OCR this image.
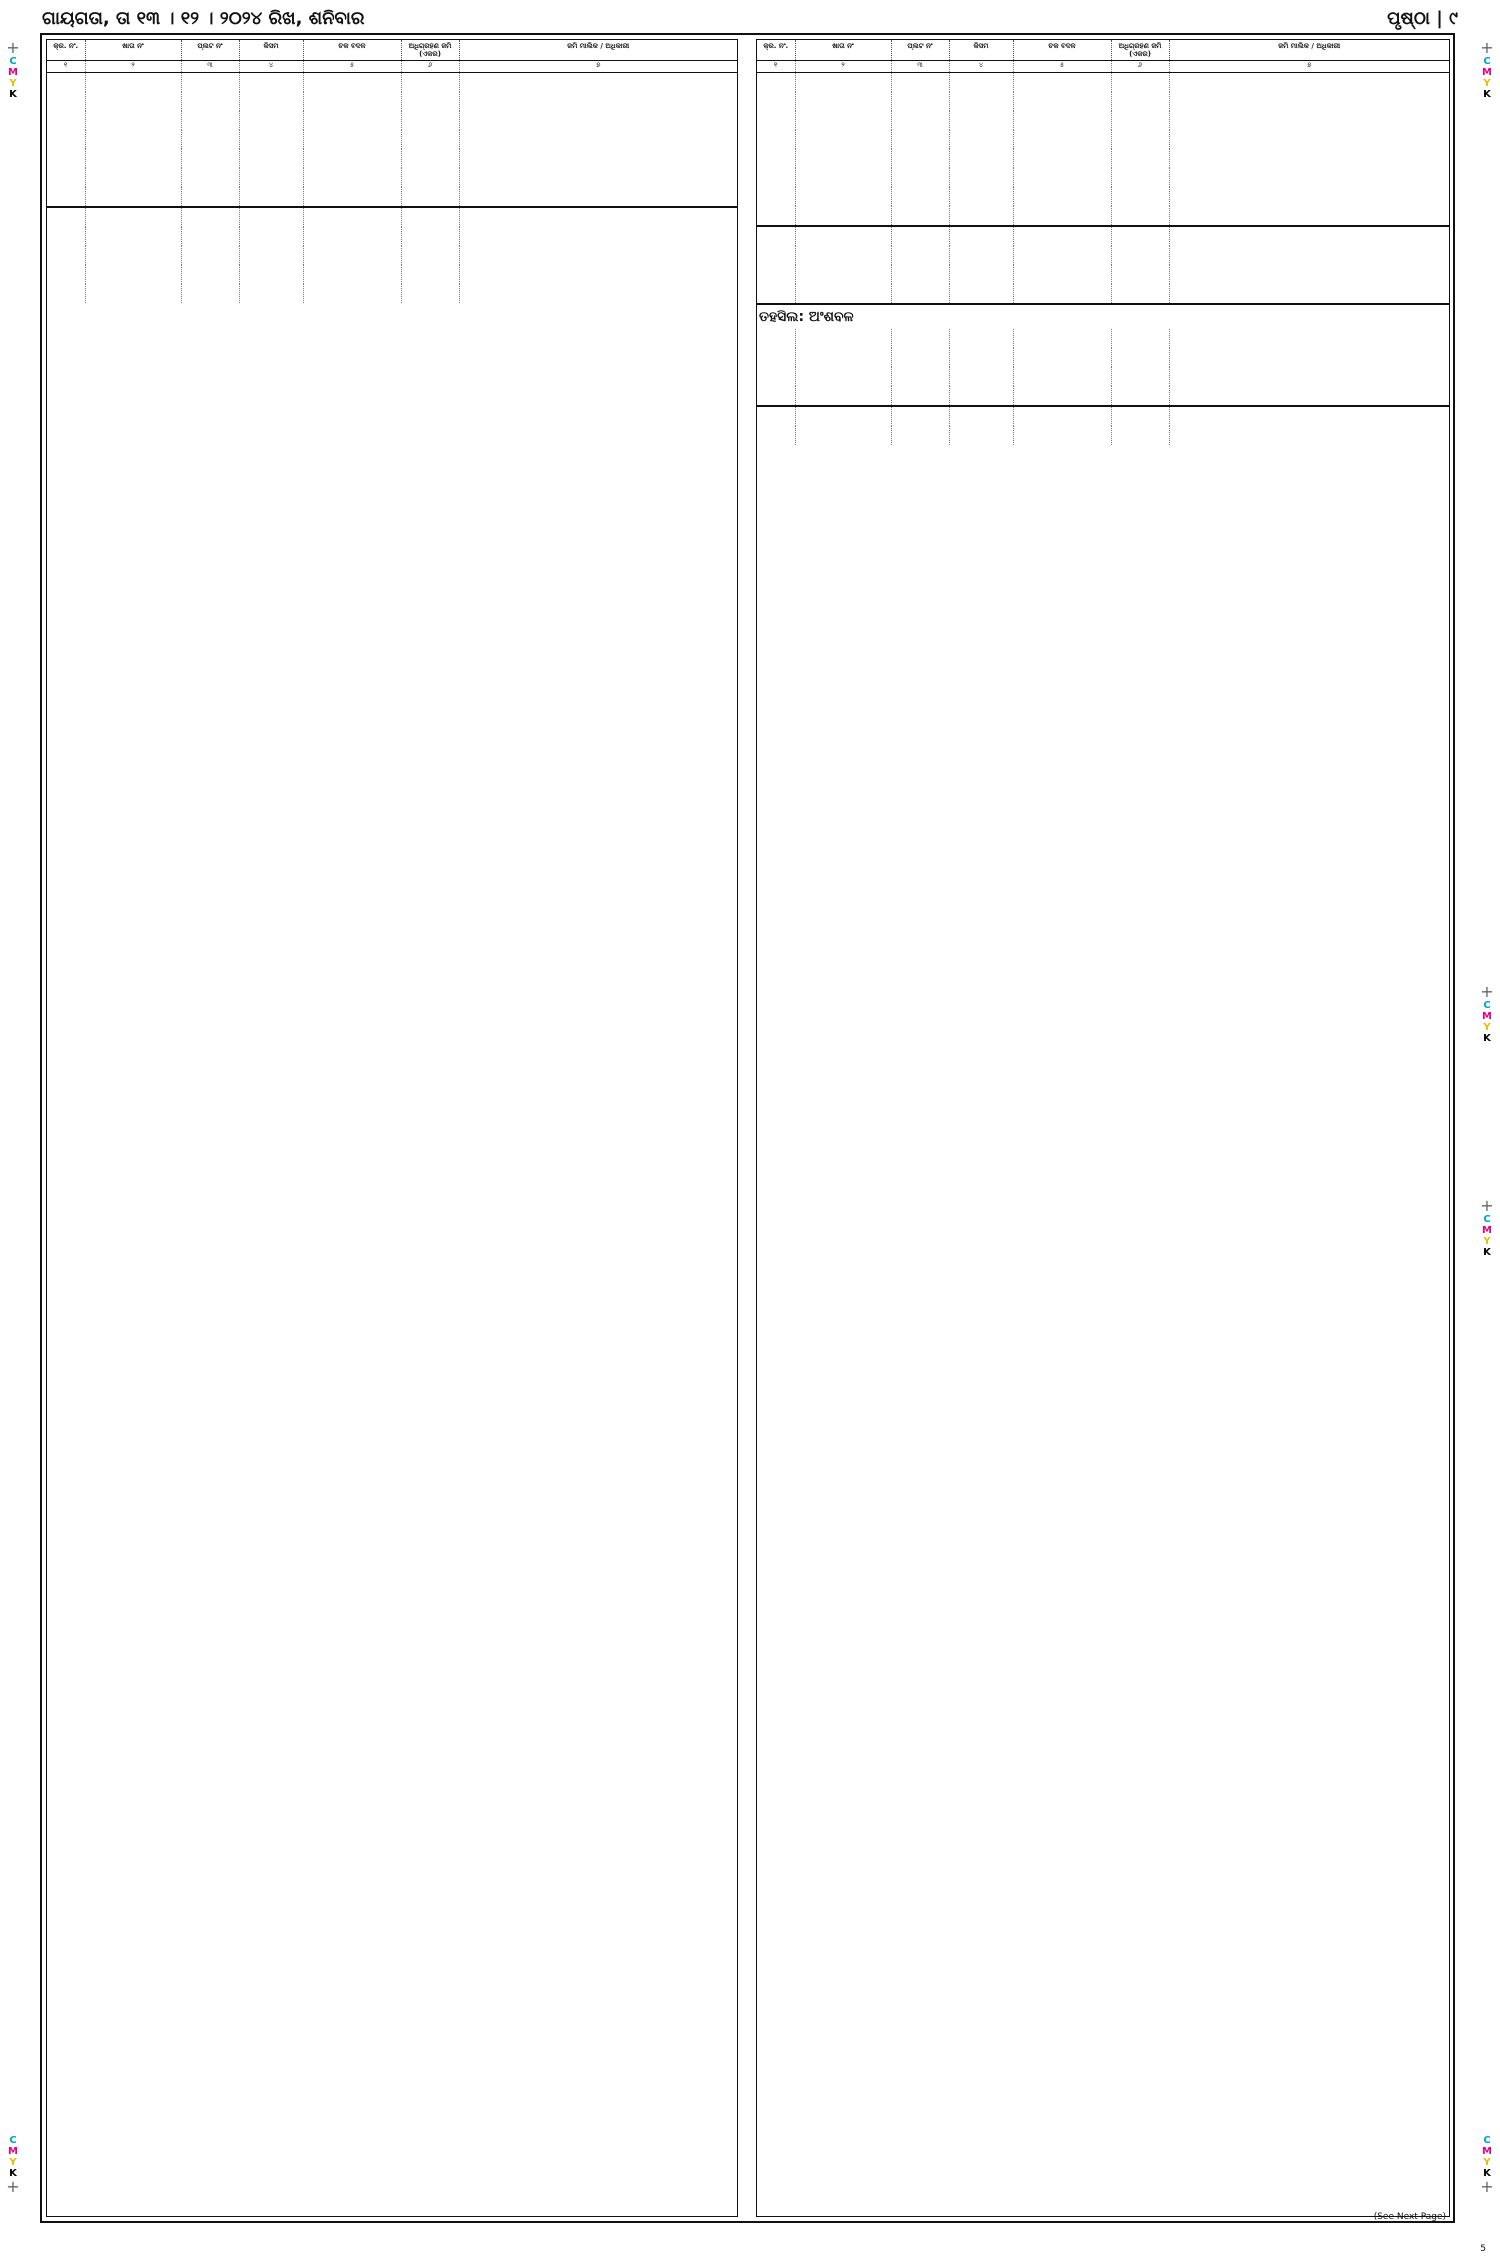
ଗାୟଗତା, ତା ୧୩ । ୧୨ । ୨୦୨୪ ରିଖ, ଶନିବାର	ପୃଷ୍ଠା | ୯
କ୍ର. ନଂ.	ଖାତା ନଂ	ପ୍ଲଟ ନଂ	କିସମ	ଚକ ବଦଳ	ଅଧିଗ୍ରହଣ ଜମି (ଏକର)	ଜମି ମାଲିକ / ଅଧିକାରୀ
୧	୨	୩	୪	୫	୬	୭

କ୍ର. ନଂ.	ଖାତା ନଂ	ପ୍ଲଟ ନଂ	କିସମ	ଚକ ବଦଳ	ଅଧିଗ୍ରହଣ ଜମି (ଏକର)	ଜମି ମାଲିକ / ଅଧିକାରୀ
୧	୨	୩	୪	୫	୬	୭

ତହସିଲ: ଅଂଶବଳ

+
C
M
Y
K
+
C
M
Y
K
+
C
M
Y
K
+
C
M
Y
K
C
M
Y
K
+
C
M
Y
K
+
(See Next Page)
5
